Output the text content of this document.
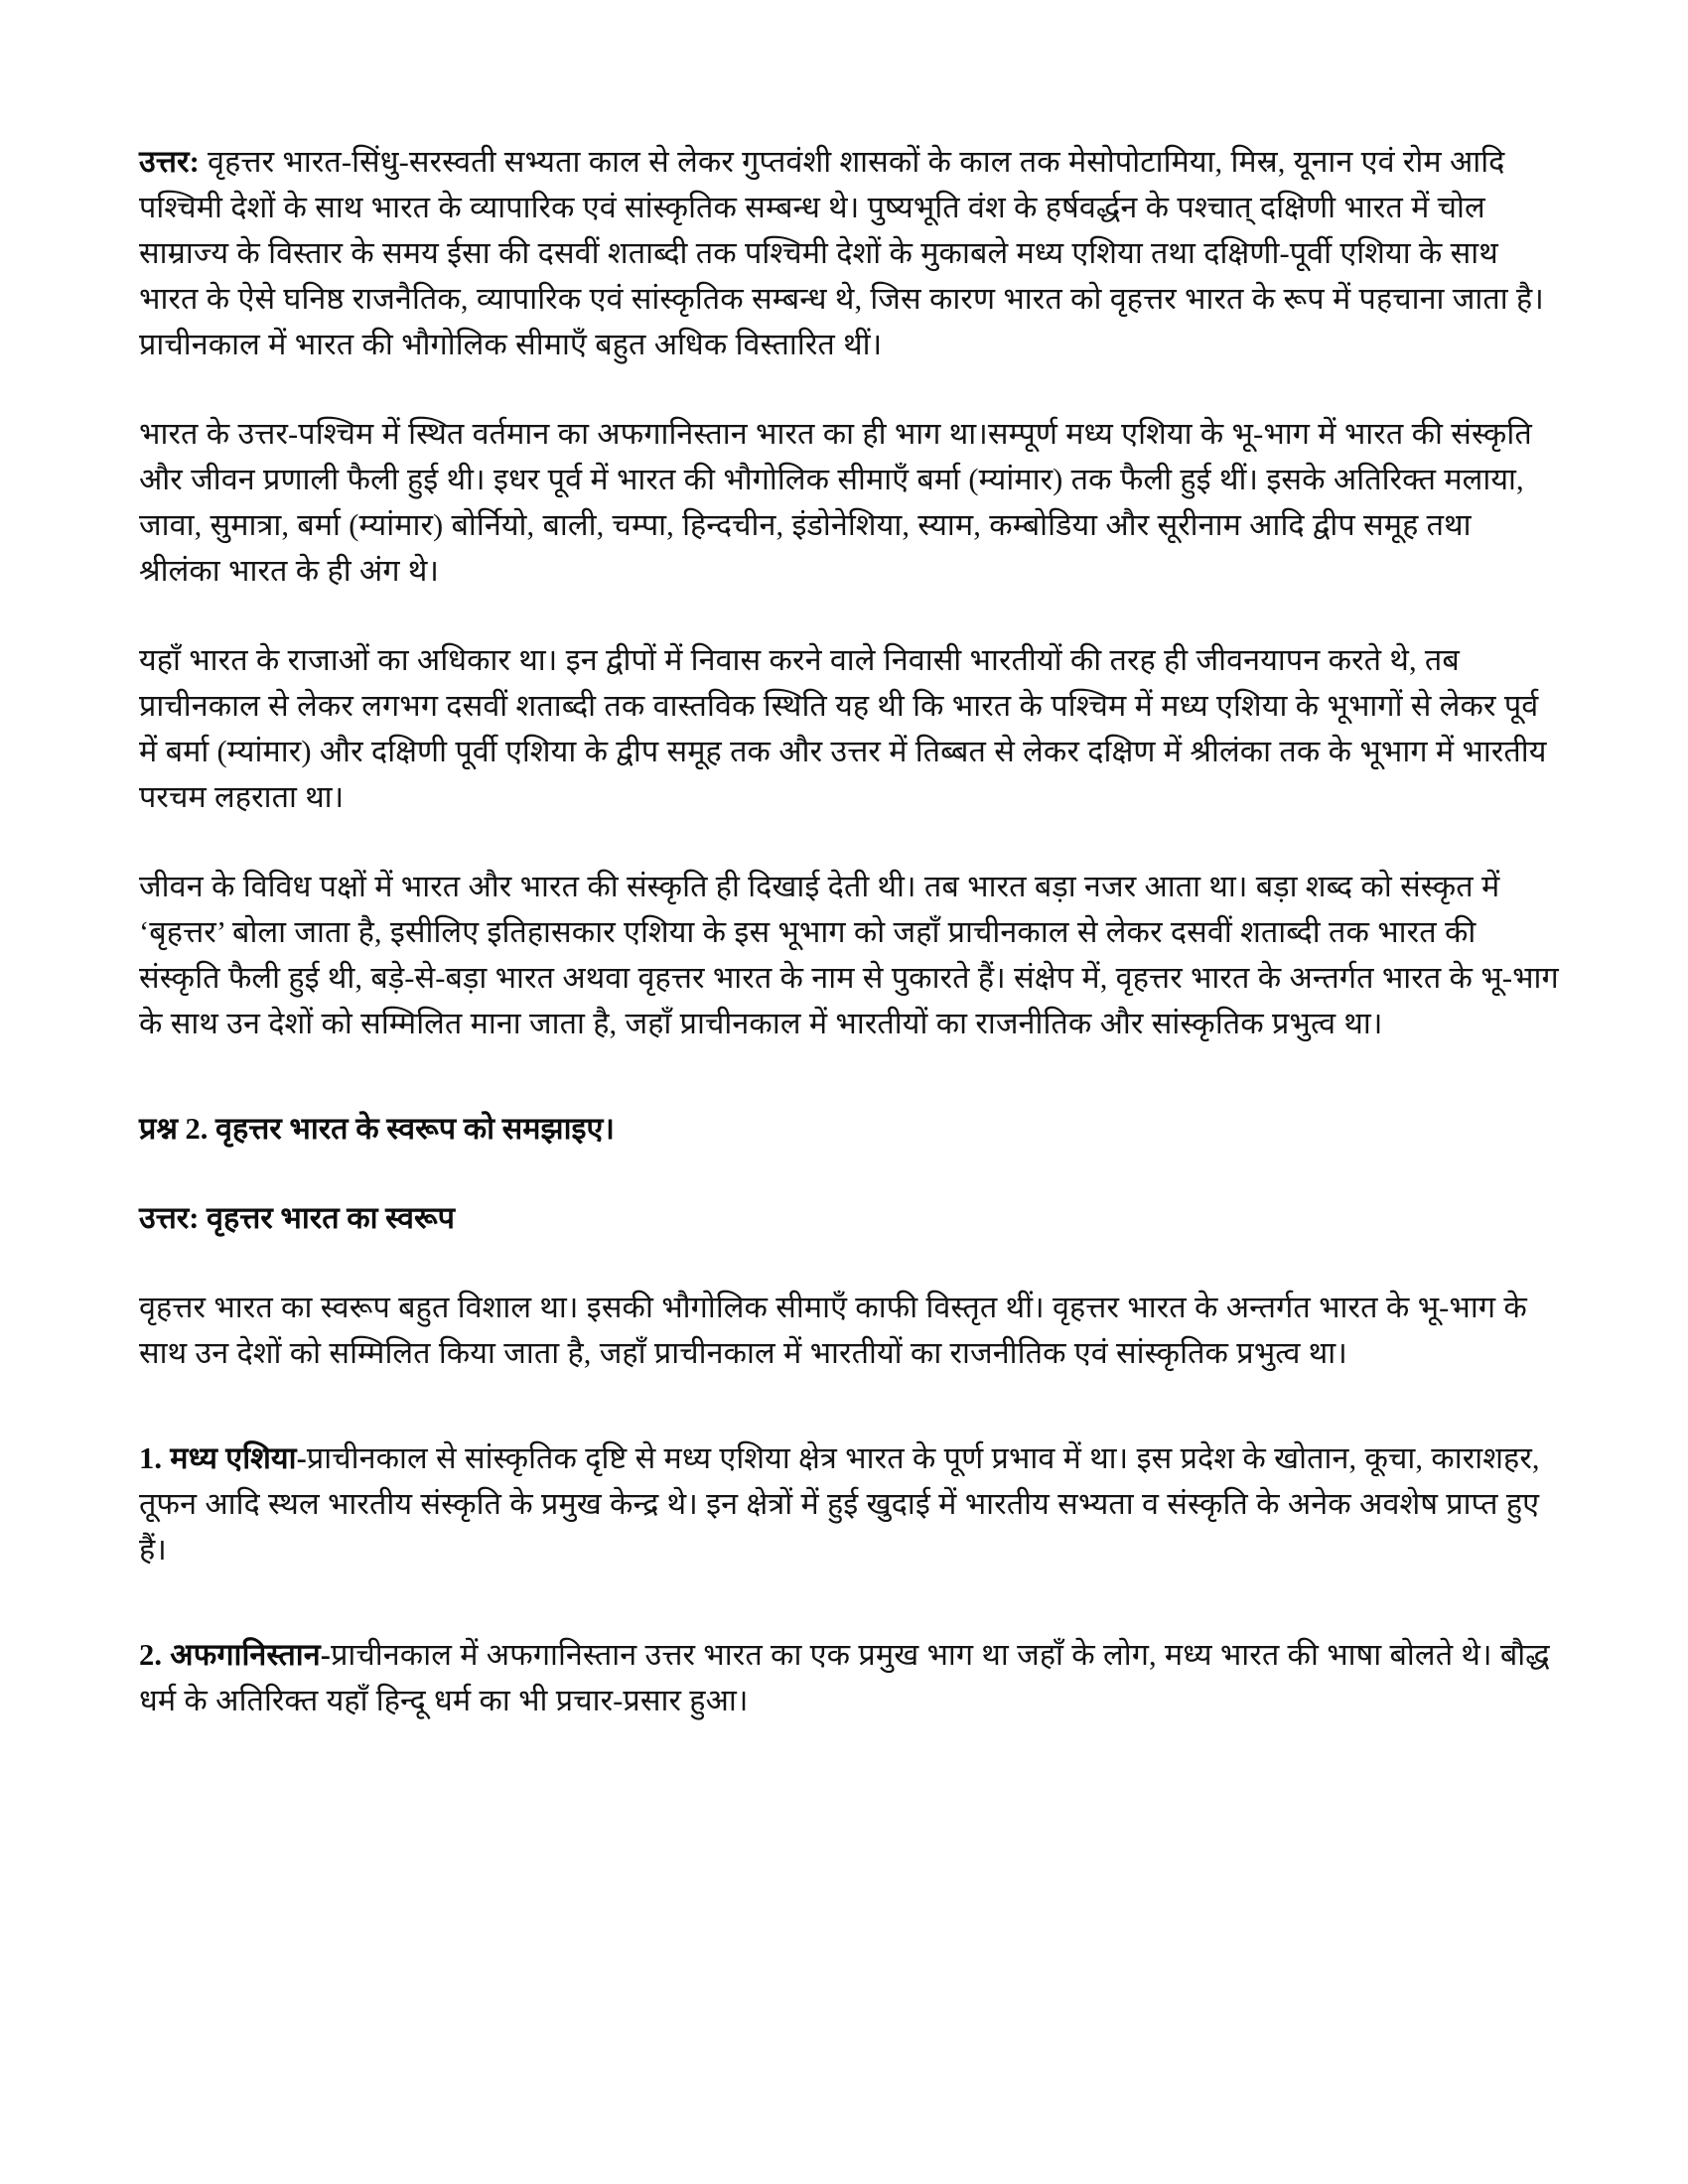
उत्तर: वृहत्तर भारत-सिंधु-सरस्वती सभ्यता काल से लेकर गुप्तवंशी शासकों के काल तक मेसोपोटामिया, मिस्र, यूनान एवं रोम आदि पश्चिमी देशों के साथ भारत के व्यापारिक एवं सांस्कृतिक सम्बन्ध थे। पुष्यभूति वंश के हर्षवर्द्धन के पश्चात् दक्षिणी भारत में चोल साम्राज्य के विस्तार के समय ईसा की दसवीं शताब्दी तक पश्चिमी देशों के मुकाबले मध्य एशिया तथा दक्षिणी-पूर्वी एशिया के साथ भारत के ऐसे घनिष्ठ राजनैतिक, व्यापारिक एवं सांस्कृतिक सम्बन्ध थे, जिस कारण भारत को वृहत्तर भारत के रूप में पहचाना जाता है। प्राचीनकाल में भारत की भौगोलिक सीमाएँ बहुत अधिक विस्तारित थीं।

भारत के उत्तर-पश्चिम में स्थित वर्तमान का अफगानिस्तान भारत का ही भाग था।सम्पूर्ण मध्य एशिया के भू-भाग में भारत की संस्कृति और जीवन प्रणाली फैली हुई थी। इधर पूर्व में भारत की भौगोलिक सीमाएँ बर्मा (म्यांमार) तक फैली हुई थीं। इसके अतिरिक्त मलाया, जावा, सुमात्रा, बर्मा (म्यांमार) बोर्नियो, बाली, चम्पा, हिन्दचीन, इंडोनेशिया, स्याम, कम्बोडिया और सूरीनाम आदि द्वीप समूह तथा श्रीलंका भारत के ही अंग थे।

यहाँ भारत के राजाओं का अधिकार था। इन द्वीपों में निवास करने वाले निवासी भारतीयों की तरह ही जीवनयापन करते थे, तब प्राचीनकाल से लेकर लगभग दसवीं शताब्दी तक वास्तविक स्थिति यह थी कि भारत के पश्चिम में मध्य एशिया के भूभागों से लेकर पूर्व में बर्मा (म्यांमार) और दक्षिणी पूर्वी एशिया के द्वीप समूह तक और उत्तर में तिब्बत से लेकर दक्षिण में श्रीलंका तक के भूभाग में भारतीय परचम लहराता था।

जीवन के विविध पक्षों में भारत और भारत की संस्कृति ही दिखाई देती थी। तब भारत बड़ा नजर आता था। बड़ा शब्द को संस्कृत में ‘बृहत्तर’ बोला जाता है, इसीलिए इतिहासकार एशिया के इस भूभाग को जहाँ प्राचीनकाल से लेकर दसवीं शताब्दी तक भारत की संस्कृति फैली हुई थी, बड़े-से-बड़ा भारत अथवा वृहत्तर भारत के नाम से पुकारते हैं। संक्षेप में, वृहत्तर भारत के अन्तर्गत भारत के भू-भाग के साथ उन देशों को सम्मिलित माना जाता है, जहाँ प्राचीनकाल में भारतीयों का राजनीतिक और सांस्कृतिक प्रभुत्व था।

प्रश्न 2. वृहत्तर भारत के स्वरूप को समझाइए।

उत्तर: वृहत्तर भारत का स्वरूप

वृहत्तर भारत का स्वरूप बहुत विशाल था। इसकी भौगोलिक सीमाएँ काफी विस्तृत थीं। वृहत्तर भारत के अन्तर्गत भारत के भू-भाग के साथ उन देशों को सम्मिलित किया जाता है, जहाँ प्राचीनकाल में भारतीयों का राजनीतिक एवं सांस्कृतिक प्रभुत्व था।

1. मध्य एशिया-प्राचीनकाल से सांस्कृतिक दृष्टि से मध्य एशिया क्षेत्र भारत के पूर्ण प्रभाव में था। इस प्रदेश के खोतान, कूचा, काराशहर, तूफन आदि स्थल भारतीय संस्कृति के प्रमुख केन्द्र थे। इन क्षेत्रों में हुई खुदाई में भारतीय सभ्यता व संस्कृति के अनेक अवशेष प्राप्त हुए हैं।

2. अफगानिस्तान-प्राचीनकाल में अफगानिस्तान उत्तर भारत का एक प्रमुख भाग था जहाँ के लोग, मध्य भारत की भाषा बोलते थे। बौद्ध धर्म के अतिरिक्त यहाँ हिन्दू धर्म का भी प्रचार-प्रसार हुआ।
